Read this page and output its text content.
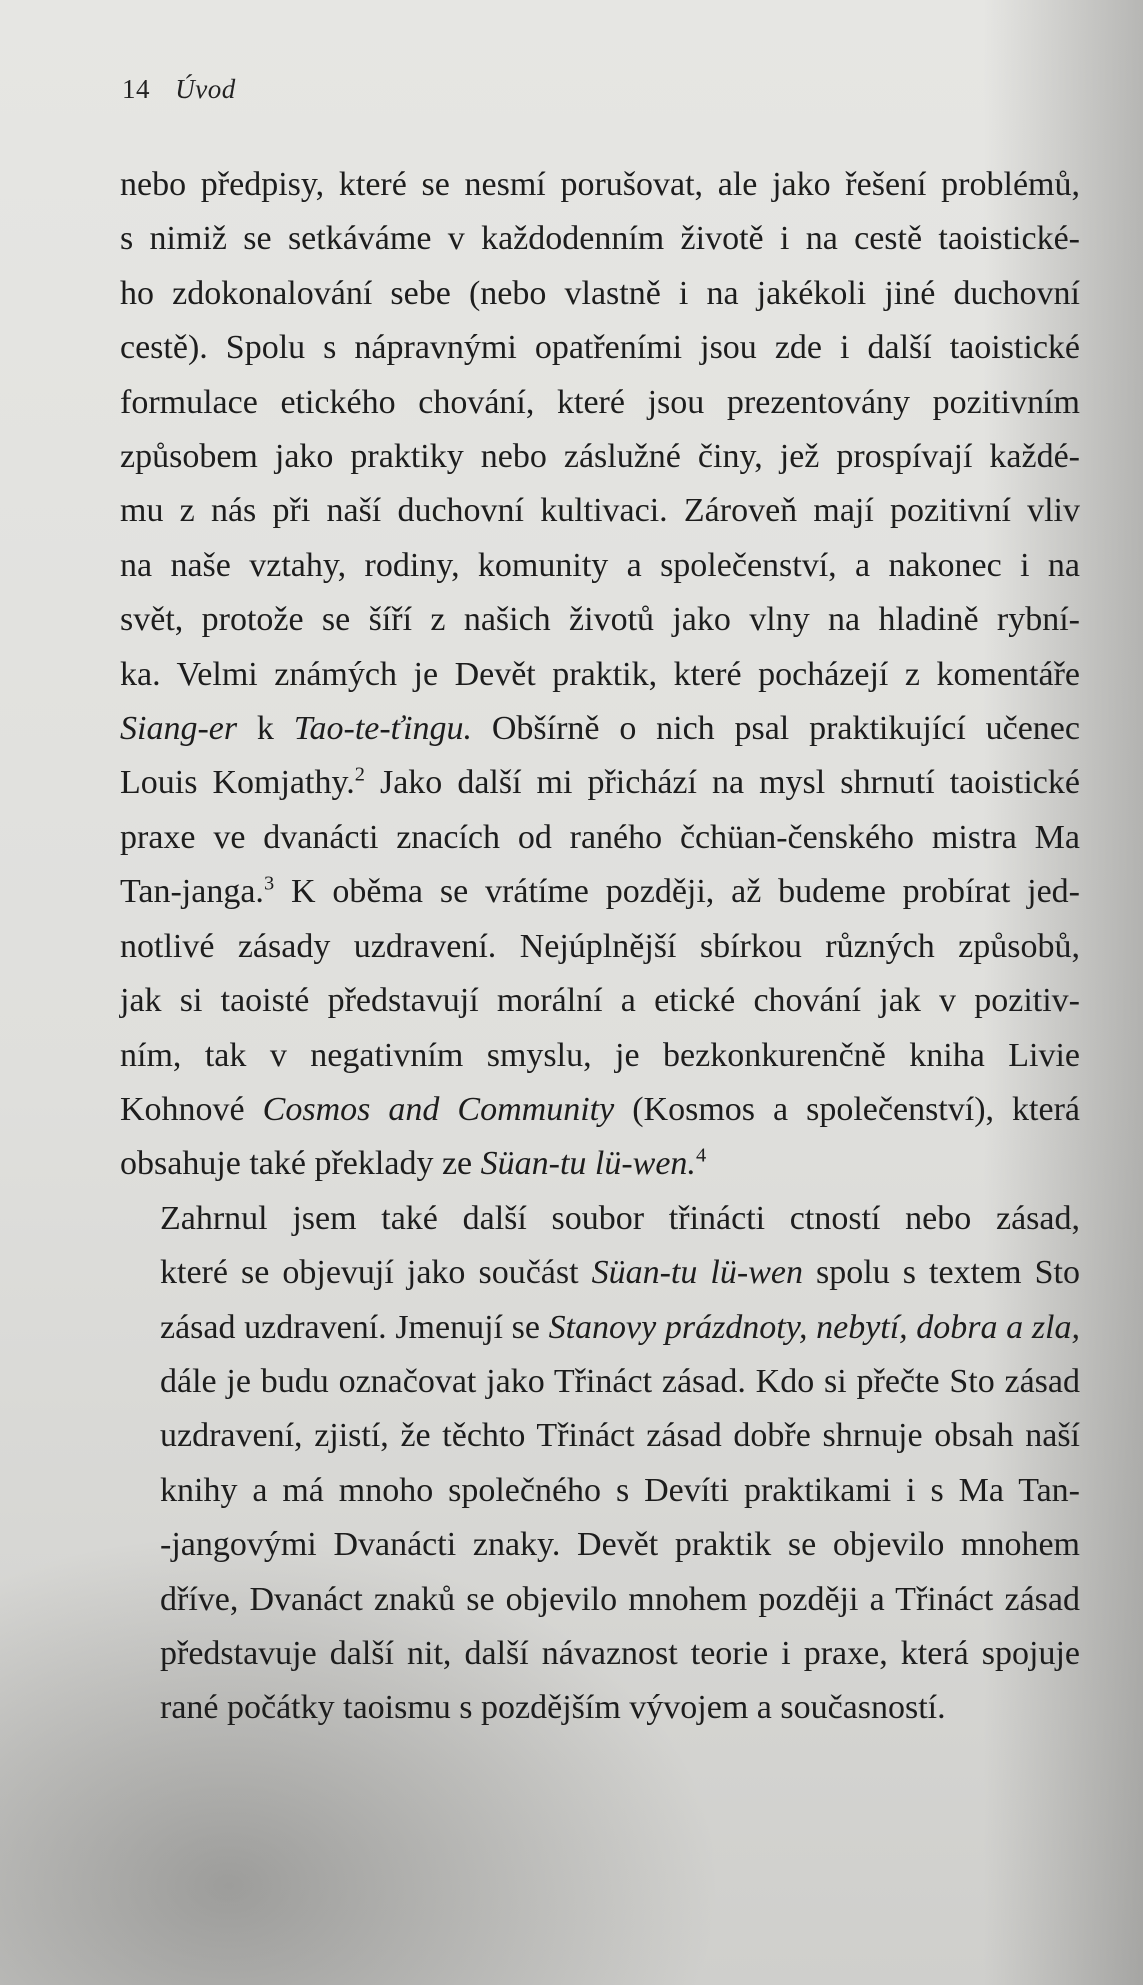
14 Úvod

nebo předpisy, které se nesmí porušovat, ale jako řešení problémů,
s nimiž se setkáváme v každodenním životě i na cestě taoistické-
ho zdokonalování sebe (nebo vlastně i na jakékoli jiné duchovní
cestě). Spolu s nápravnými opatřeními jsou zde i další taoistické
formulace etického chování, které jsou prezentovány pozitivním
způsobem jako praktiky nebo záslužné činy, jež prospívají každé-
mu z nás při naší duchovní kultivaci. Zároveň mají pozitivní vliv
na naše vztahy, rodiny, komunity a společenství, a nakonec i na
svět, protože se šíří z našich životů jako vlny na hladině rybní-
ka. Velmi známých je Devět praktik, které pocházejí z komentáře
Siang-er k Tao-te-ťingu. Obšírně o nich psal praktikující učenec
Louis Komjathy.$^2$ Jako další mi přichází na mysl shrnutí taoistické
praxe ve dvanácti znacích od raného čchüan-čenského mistra Ma
Tan-janga.$^3$ K oběma se vrátíme později, až budeme probírat jed-
notlivé zásady uzdravení. Nejúplnější sbírkou různých způsobů,
jak si taoisté představují morální a etické chování jak v pozitiv-
ním, tak v negativním smyslu, je bezkonkurenčně kniha Livie
Kohnové Cosmos and Community (Kosmos a společenství), která
obsahuje také překlady ze Süan-tu lü-wen.$^4$

Zahrnul jsem také další soubor třinácti ctností nebo zásad,
které se objevují jako součást Süan-tu lü-wen spolu s textem Sto
zásad uzdravení. Jmenují se Stanovy prázdnoty, nebytí, dobra a zla,
dále je budu označovat jako Třináct zásad. Kdo si přečte Sto zásad
uzdravení, zjistí, že těchto Třináct zásad dobře shrnuje obsah naší
knihy a má mnoho společného s Devíti praktikami i s Ma Tan-
-jangovými Dvanácti znaky. Devět praktik se objevilo mnohem
dříve, Dvanáct znaků se objevilo mnohem později a Třináct zásad
představuje další nit, další návaznost teorie i praxe, která spojuje
rané počátky taoismu s pozdějším vývojem a současností.
